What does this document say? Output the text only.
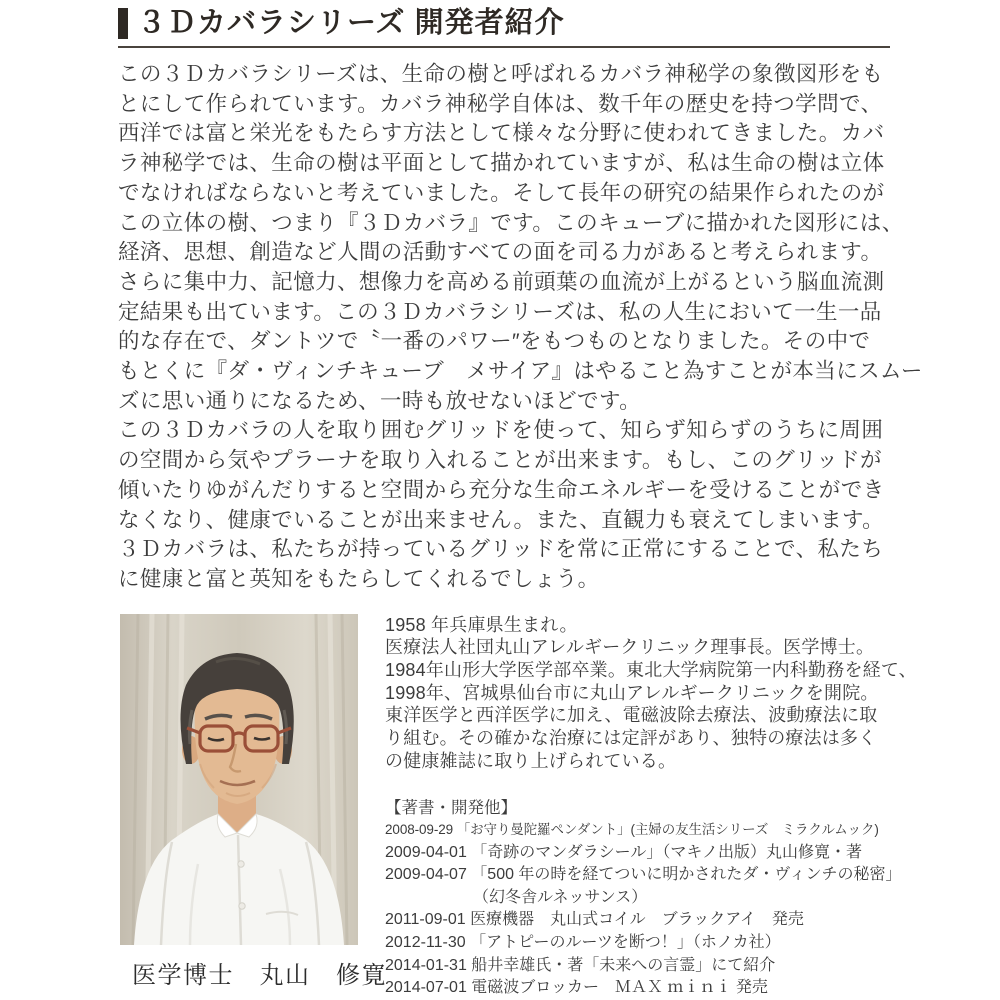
３Ｄカバラシリーズ 開発者紹介
この３Ｄカバラシリーズは、生命の樹と呼ばれるカバラ神秘学の象徴図形をも
とにして作られています。カバラ神秘学自体は、数千年の歴史を持つ学問で、
西洋では富と栄光をもたらす方法として様々な分野に使われてきました。カバ
ラ神秘学では、生命の樹は平面として描かれていますが、私は生命の樹は立体
でなければならないと考えていました。そして長年の研究の結果作られたのが
この立体の樹、つまり『３Ｄカバラ』です。このキューブに描かれた図形には、
経済、思想、創造など人間の活動すべての面を司る力があると考えられます。
さらに集中力、記憶力、想像力を高める前頭葉の血流が上がるという脳血流測
定結果も出ています。この３Ｄカバラシリーズは、私の人生において一生一品
的な存在で、ダントツで〝一番のパワー″をもつものとなりました。その中で
もとくに『ダ・ヴィンチキューブ　メサイア』はやること為すことが本当にスムー
ズに思い通りになるため、一時も放せないほどです。
この３Ｄカバラの人を取り囲むグリッドを使って、知らず知らずのうちに周囲
の空間から気やプラーナを取り入れることが出来ます。もし、このグリッドが
傾いたりゆがんだりすると空間から充分な生命エネルギーを受けることができ
なくなり、健康でいることが出来ません。また、直観力も衰えてしまいます。
３Ｄカバラは、私たちが持っているグリッドを常に正常にすることで、私たち
に健康と富と英知をもたらしてくれるでしょう。
医学博士　丸山　修寛
1958 年兵庫県生まれ。
医療法人社団丸山アレルギークリニック理事長。医学博士。
1984年山形大学医学部卒業。東北大学病院第一内科勤務を経て、
1998年、宮城県仙台市に丸山アレルギークリニックを開院。
東洋医学と西洋医学に加え、電磁波除去療法、波動療法に取
り組む。その確かな治療には定評があり、独特の療法は多く
の健康雑誌に取り上げられている。
【著書・開発他】
2008-09-29 「お守り曼陀羅ペンダント」(主婦の友生活シリーズ　ミラクルムック)
2009-04-01 「奇跡のマンダラシール」（マキノ出版）丸山修寛・著
2009-04-07 「500 年の時を経てついに明かされたダ・ヴィンチの秘密」
　　　　　　（幻冬舎ルネッサンス）
2011-09-01 医療機器　丸山式コイル　ブラックアイ　発売
2012-11-30 「アトピーのルーツを断つ！」（ホノカ社）
2014-01-31 船井幸雄氏・著「未来への言霊」にて紹介
2014-07-01 電磁波ブロッカー　ＭＡＸ ｍｉｎｉ 発売
